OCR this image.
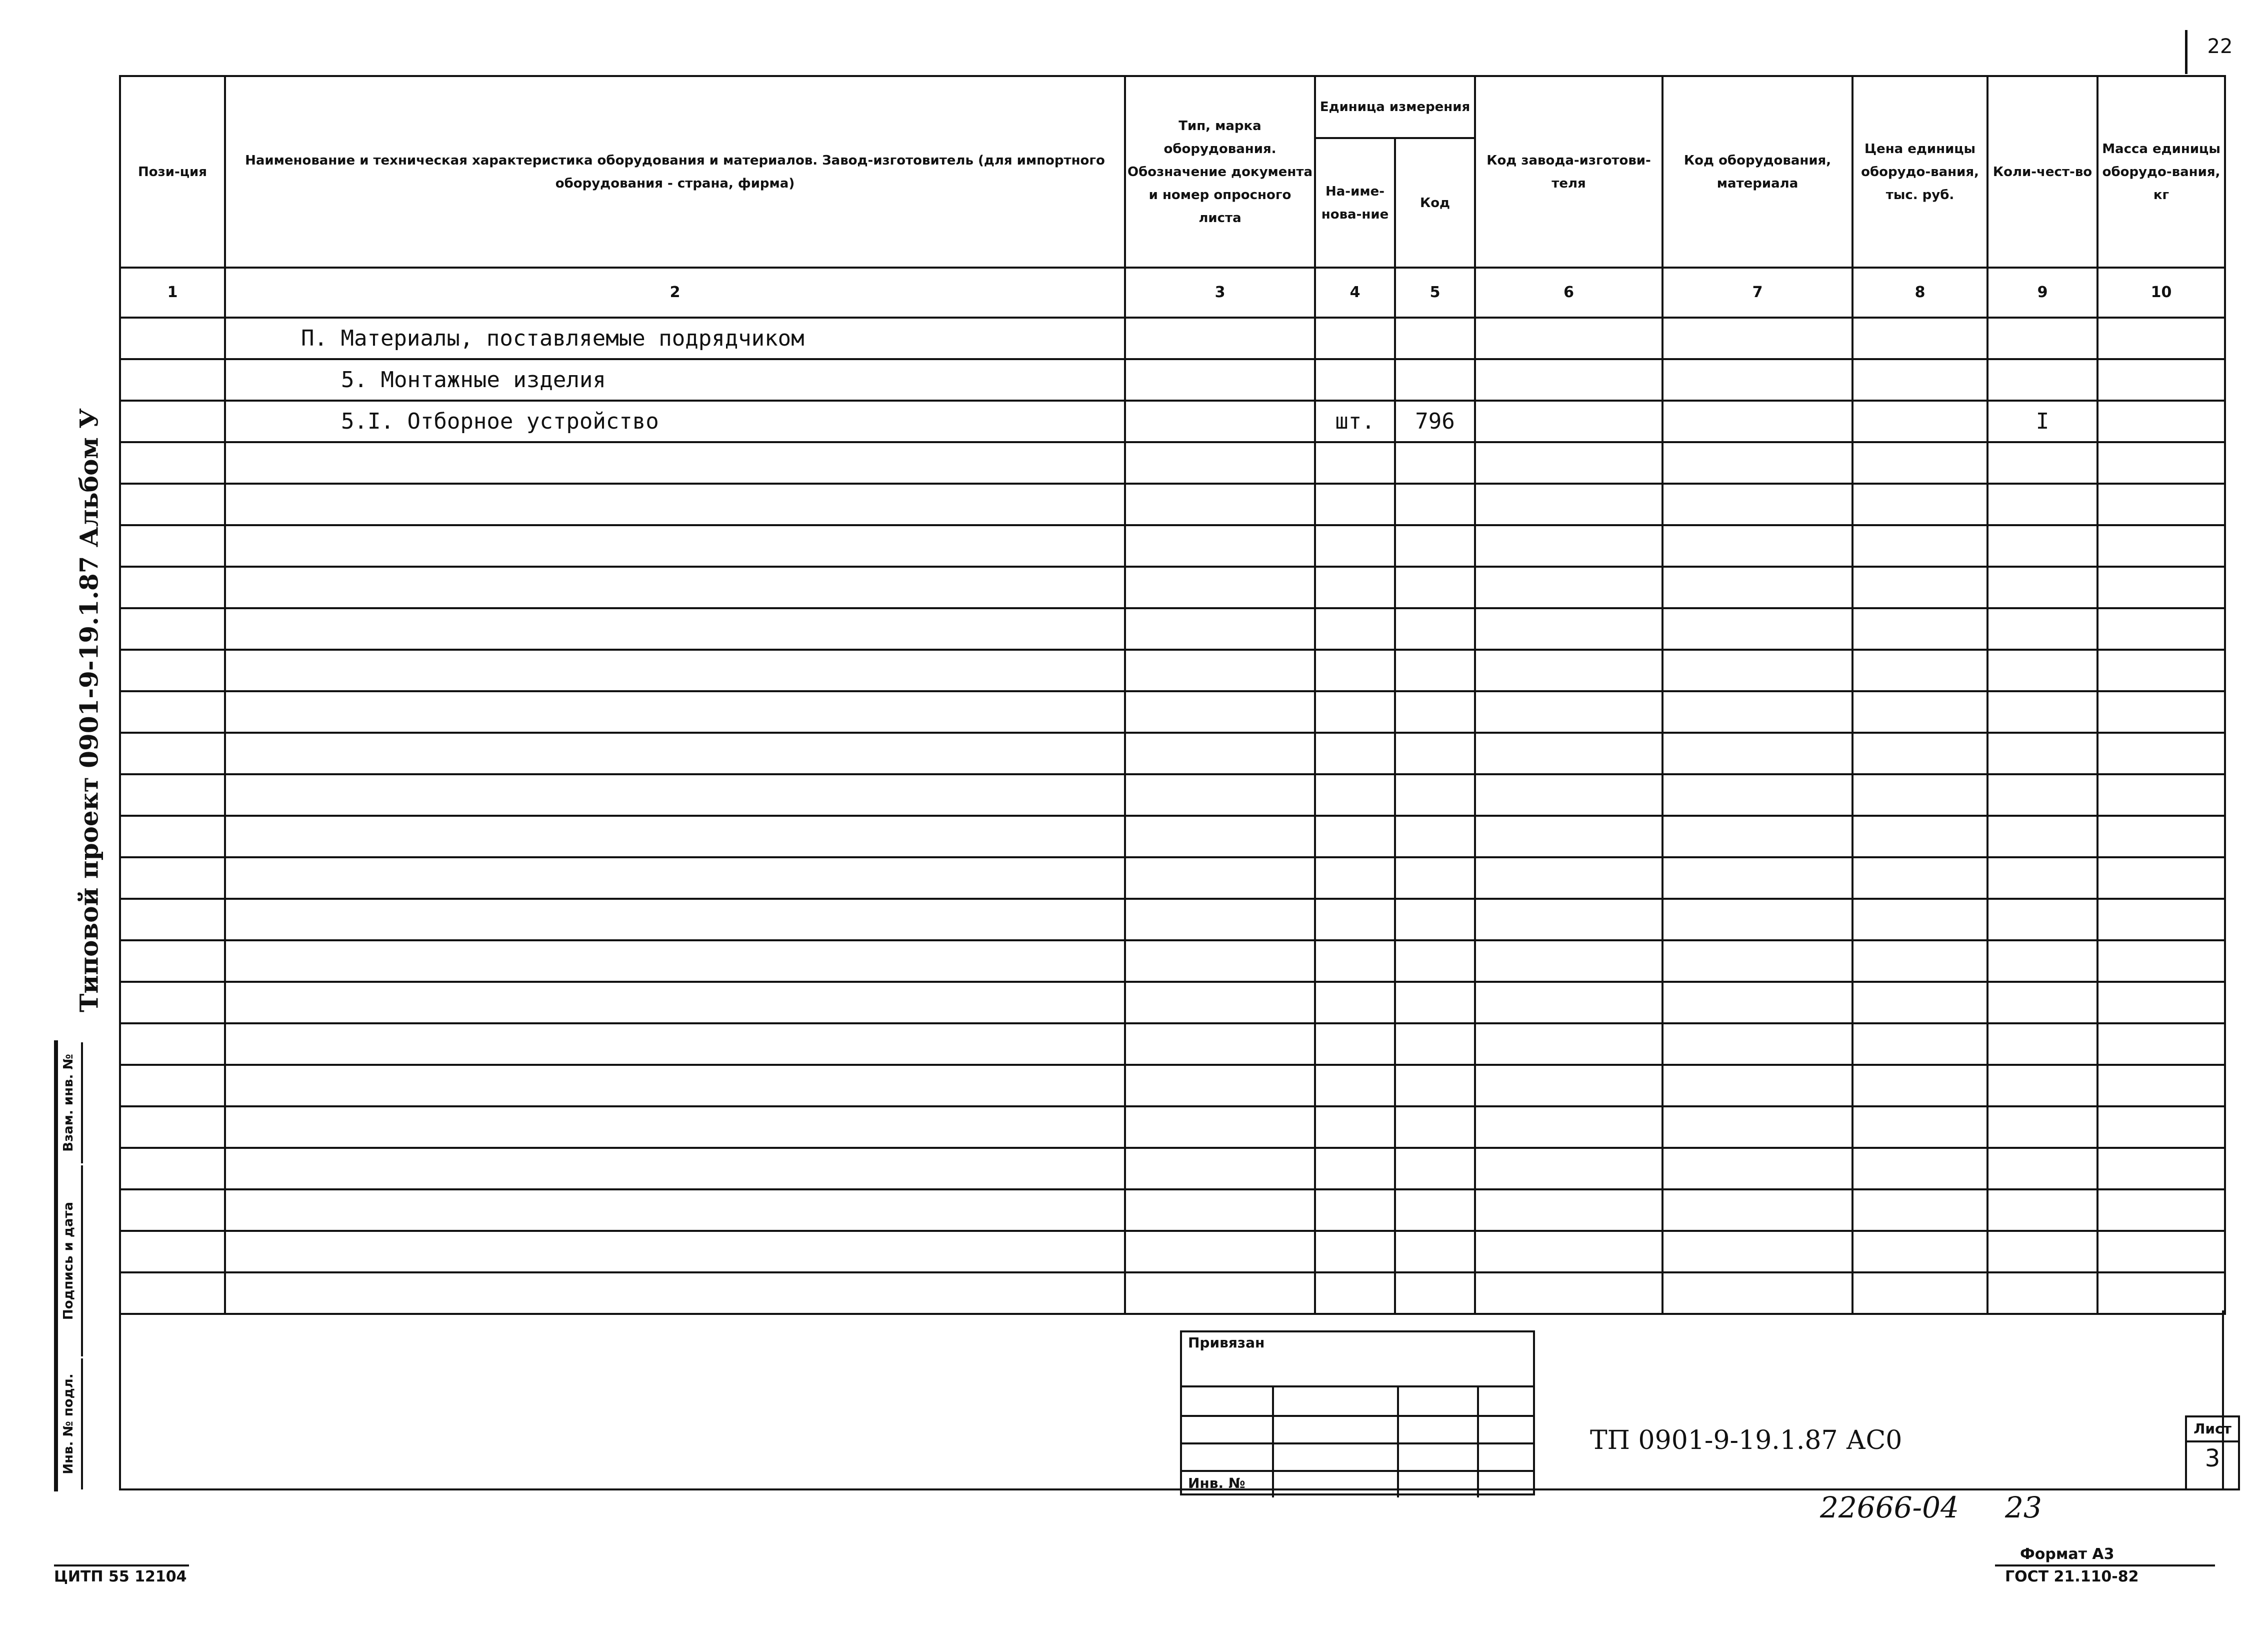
22
Типовой проект 0901-9-19.1.87 Альбом У
Взам. инв. №
Подпись и дата
Инв. № подл.
Пози-ция	Наименование и техническая характеристика оборудования и материалов. Завод-изготовитель (для импортного оборудования - страна, фирма)	Тип, марка оборудования. Обозначение документа и номер опросного листа	Единица измерения		Код завода-изготови-теля	Код оборудования, материала	Цена единицы оборудо-вания, тыс. руб.	Коли-чест-во	Масса единицы оборудо-вания, кг
			На-име-нова-ние	Код					
1	2	3	4	5	6	7	8	9	10
	П. Материалы, поставляемые подрядчиком								
	5. Монтажные изделия								
	5.I. Отборное устройство		шт.	796				I	

Привязан
Инв. №
ТП 0901-9-19.1.87 АС0	Лист
3
22666-04 23
Формат А3
ГОСТ 21.110-82
ЦИТП 55 12104
